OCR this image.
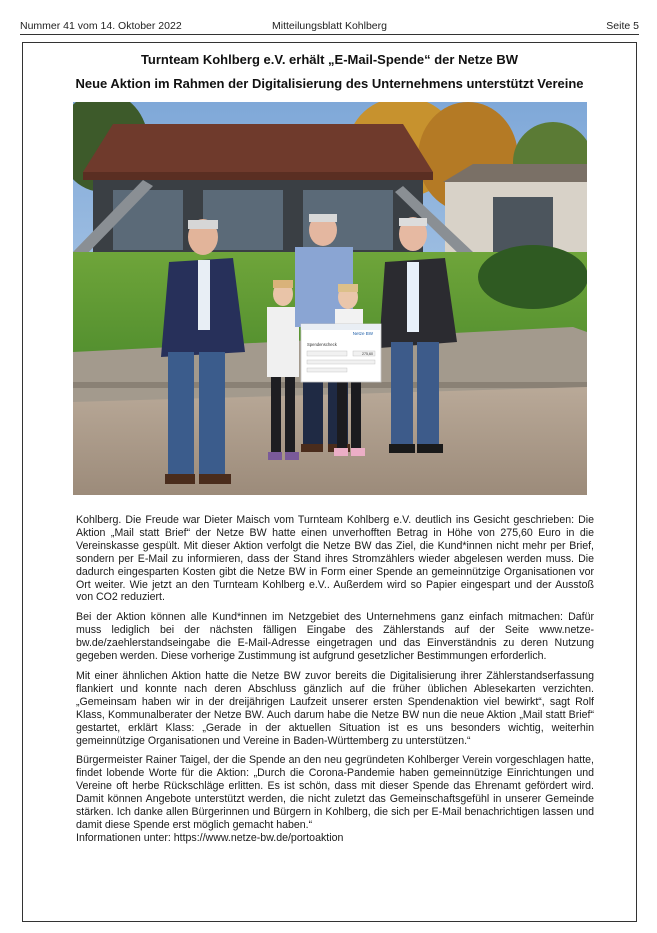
Nummer 41 vom 14. Oktober 2022	Mitteilungsblatt Kohlberg	Seite 5
Turnteam Kohlberg e.V. erhält „E-Mail-Spende“ der Netze BW
Neue Aktion im Rahmen der Digitalisierung des Unternehmens unterstützt Vereine
Netze BW
Spendenscheck
275,60

Kohlberg. Die Freude war Dieter Maisch vom Turnteam Kohlberg e.V. deutlich ins Gesicht geschrieben: Die Aktion „Mail statt Brief“ der Netze BW hatte einen unverhofften Betrag in Höhe von 275,60 Euro in die Vereinskasse gespült. Mit dieser Aktion verfolgt die Netze BW das Ziel, die Kund*innen nicht mehr per Brief, sondern per E-Mail zu informieren, dass der Stand ihres Stromzählers wieder abgelesen werden muss. Die dadurch eingesparten Kosten gibt die Netze BW in Form einer Spende an gemeinnützige Organisationen vor Ort weiter. Wie jetzt an den Turnteam Kohlberg e.V.. Außerdem wird so Papier eingespart und der Ausstoß von CO2 reduziert.

Bei der Aktion können alle Kund*innen im Netzgebiet des Unternehmens ganz einfach mitmachen: Dafür muss lediglich bei der nächsten fälligen Eingabe des Zählerstands auf der Seite www.netze-bw.de/zaehlerstandseingabe die E-Mail-Adresse eingetragen und das Einverständnis zu deren Nutzung gegeben werden. Diese vorherige Zustimmung ist aufgrund gesetzlicher Bestimmungen erforderlich.

Mit einer ähnlichen Aktion hatte die Netze BW zuvor bereits die Digitalisierung ihrer Zählerstandserfassung flankiert und konnte nach deren Abschluss gänzlich auf die früher üblichen Ablesekarten verzichten. „Gemeinsam haben wir in der dreijährigen Laufzeit unserer ersten Spendenaktion viel bewirkt“, sagt Rolf Klass, Kommunalberater der Netze BW. Auch darum habe die Netze BW nun die neue Aktion „Mail statt Brief“ gestartet, erklärt Klass: „Gerade in der aktuellen Situation ist es uns besonders wichtig, weiterhin gemeinnützige Organisationen und Vereine in Baden-Württemberg zu unterstützen.“

Bürgermeister Rainer Taigel, der die Spende an den neu gegründeten Kohlberger Verein vorgeschlagen hatte, findet lobende Worte für die Aktion: „Durch die Corona-Pandemie haben gemeinnützige Einrichtungen und Vereine oft herbe Rückschläge erlitten. Es ist schön, dass mit dieser Spende das Ehrenamt gefördert wird. Damit können Angebote unterstützt werden, die nicht zuletzt das Gemeinschaftsgefühl in unserer Gemeinde stärken. Ich danke allen Bürgerinnen und Bürgern in Kohlberg, die sich per E-Mail benachrichtigen lassen und damit diese Spende erst möglich gemacht haben.“

Informationen unter: https://www.netze-bw.de/portoaktion
